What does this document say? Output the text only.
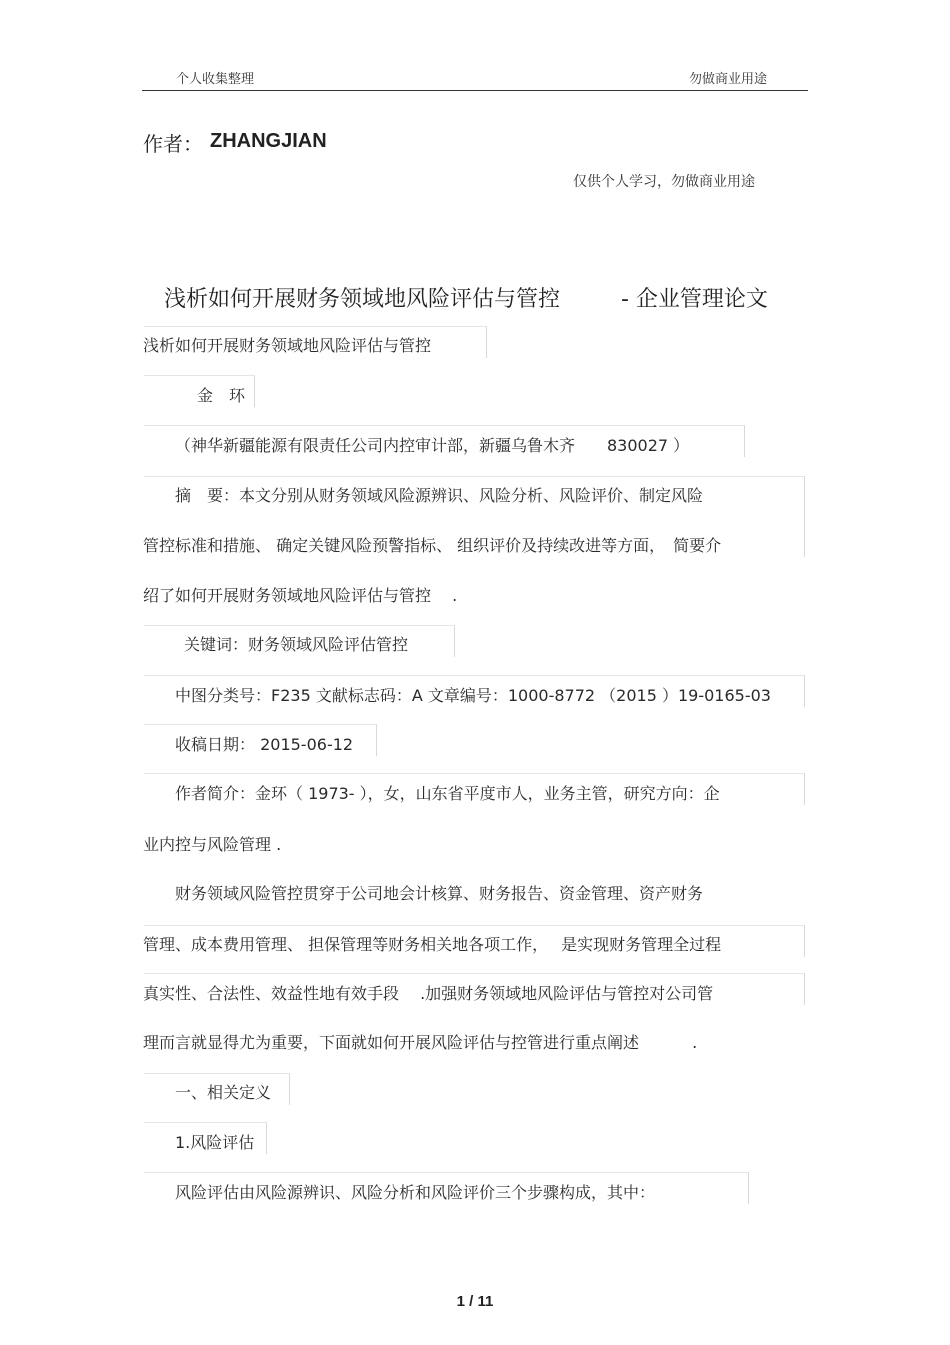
个人收集整理	勿做商业用途
作者： ZHANGJIAN
仅供个人学习，勿做商业用途
浅析如何开展财务领域地风险评估与管控	- 企业管理论文
浅析如何开展财务领域地风险评估与管控
金　环
（神华新疆能源有限责任公司内控审计部，新疆乌鲁木齐　　830027 ）
摘　要：本文分别从财务领域风险源辨识、风险分析、风险评价、制定风险
管控标准和措施、 确定关键风险预警指标、 组织评价及持续改进等方面，　简要介
绍了如何开展财务领域地风险评估与管控　 .
关键词：财务领域风险评估管控
中图分类号：F235 文献标志码：A 文章编号：1000-8772 （2015 ）19-0165-03
收稿日期： 2015-06-12
作者简介：金环（ 1973- ），女，山东省平度市人，业务主管，研究方向：企
业内控与风险管理 .
财务领域风险管控贯穿于公司地会计核算、财务报告、资金管理、资产财务
管理、成本费用管理、 担保管理等财务相关地各项工作，　 是实现财务管理全过程
真实性、合法性、效益性地有效手段　 .加强财务领域地风险评估与管控对公司管
理而言就显得尤为重要，下面就如何开展风险评估与控管进行重点阐述　　　 .
一、相关定义
1.风险评估
风险评估由风险源辨识、风险分析和风险评价三个步骤构成，其中：
1 / 11
